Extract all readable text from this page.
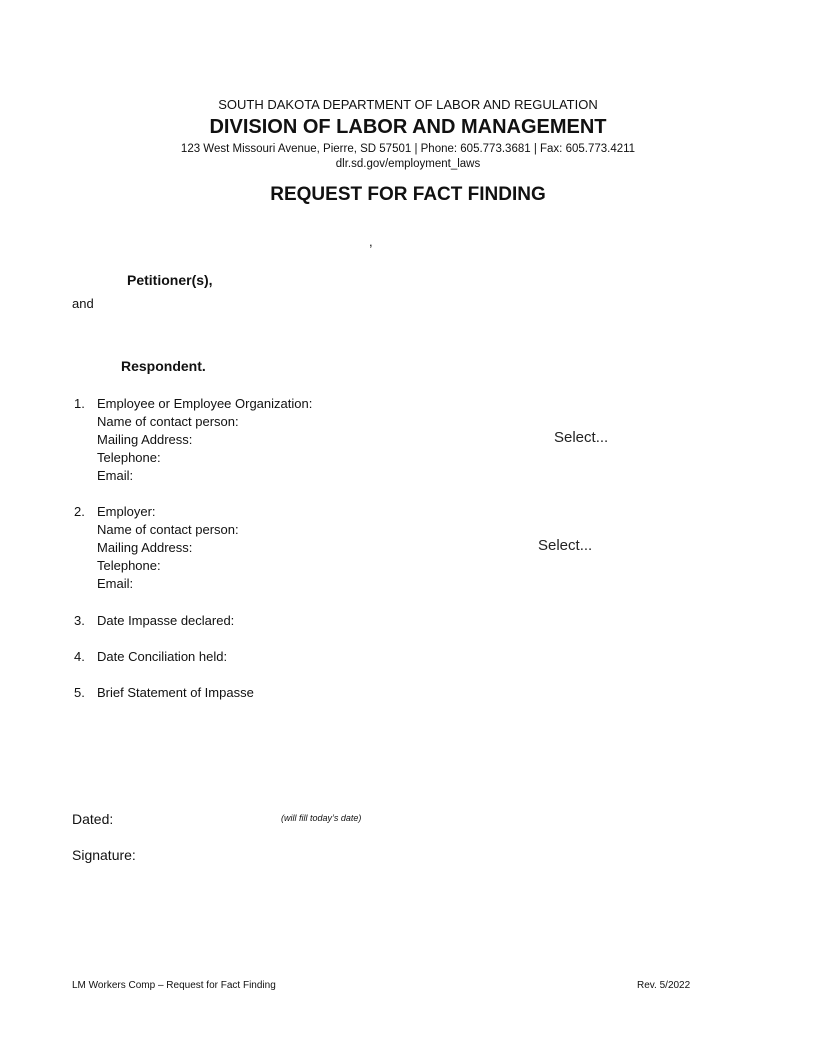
SOUTH DAKOTA DEPARTMENT OF LABOR AND REGULATION
DIVISION OF LABOR AND MANAGEMENT
123 West Missouri Avenue, Pierre, SD 57501 | Phone: 605.773.3681 | Fax: 605.773.4211
dlr.sd.gov/employment_laws
REQUEST FOR FACT FINDING
,
Petitioner(s),
and
Respondent.
1. Employee or Employee Organization:
Name of contact person:
Mailing Address:
Telephone:
Email:
Select...
2. Employer:
Name of contact person:
Mailing Address:
Telephone:
Email:
Select...
3. Date Impasse declared:
4. Date Conciliation held:
5. Brief Statement of Impasse
Dated:	(will fill today’s date)
Signature:
LM Workers Comp – Request for Fact Finding	Rev. 5/2022
